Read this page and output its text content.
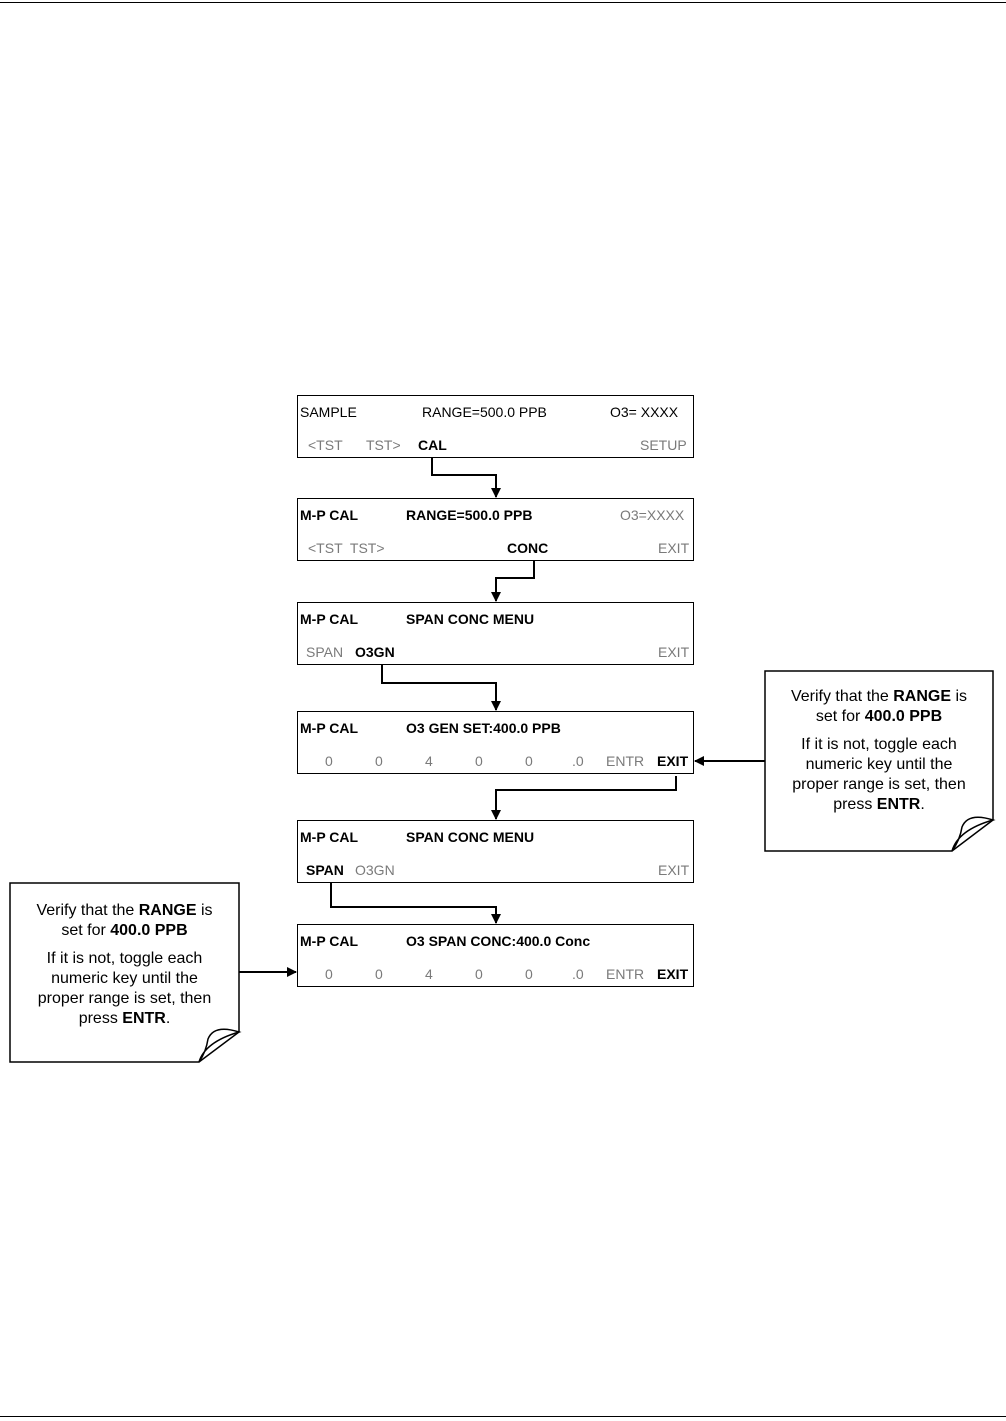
SAMPLE	RANGE=500.0 PPB	O3= XXXX
<TST TST> CAL	SETUP
M-P CAL	RANGE=500.0 PPB	O3=XXXX
<TST  TST>	CONC	EXIT
M-P CAL	SPAN CONC MENU
SPAN O3GN	EXIT
M-P CAL	O3 GEN SET:400.0 PPB
0	0	4	0	0	.0 ENTR EXIT
M-P CAL	SPAN CONC MENU
SPAN O3GN	EXIT
M-P CAL	O3 SPAN CONC:400.0 Conc
0	0	4	0	0	.0 ENTR EXIT
Verify that the RANGE is
set for 400.0 PPB
If it is not, toggle each
numeric key until the
proper range is set, then
press ENTR.
Verify that the RANGE is
set for 400.0 PPB
If it is not, toggle each
numeric key until the
proper range is set, then
press ENTR.
